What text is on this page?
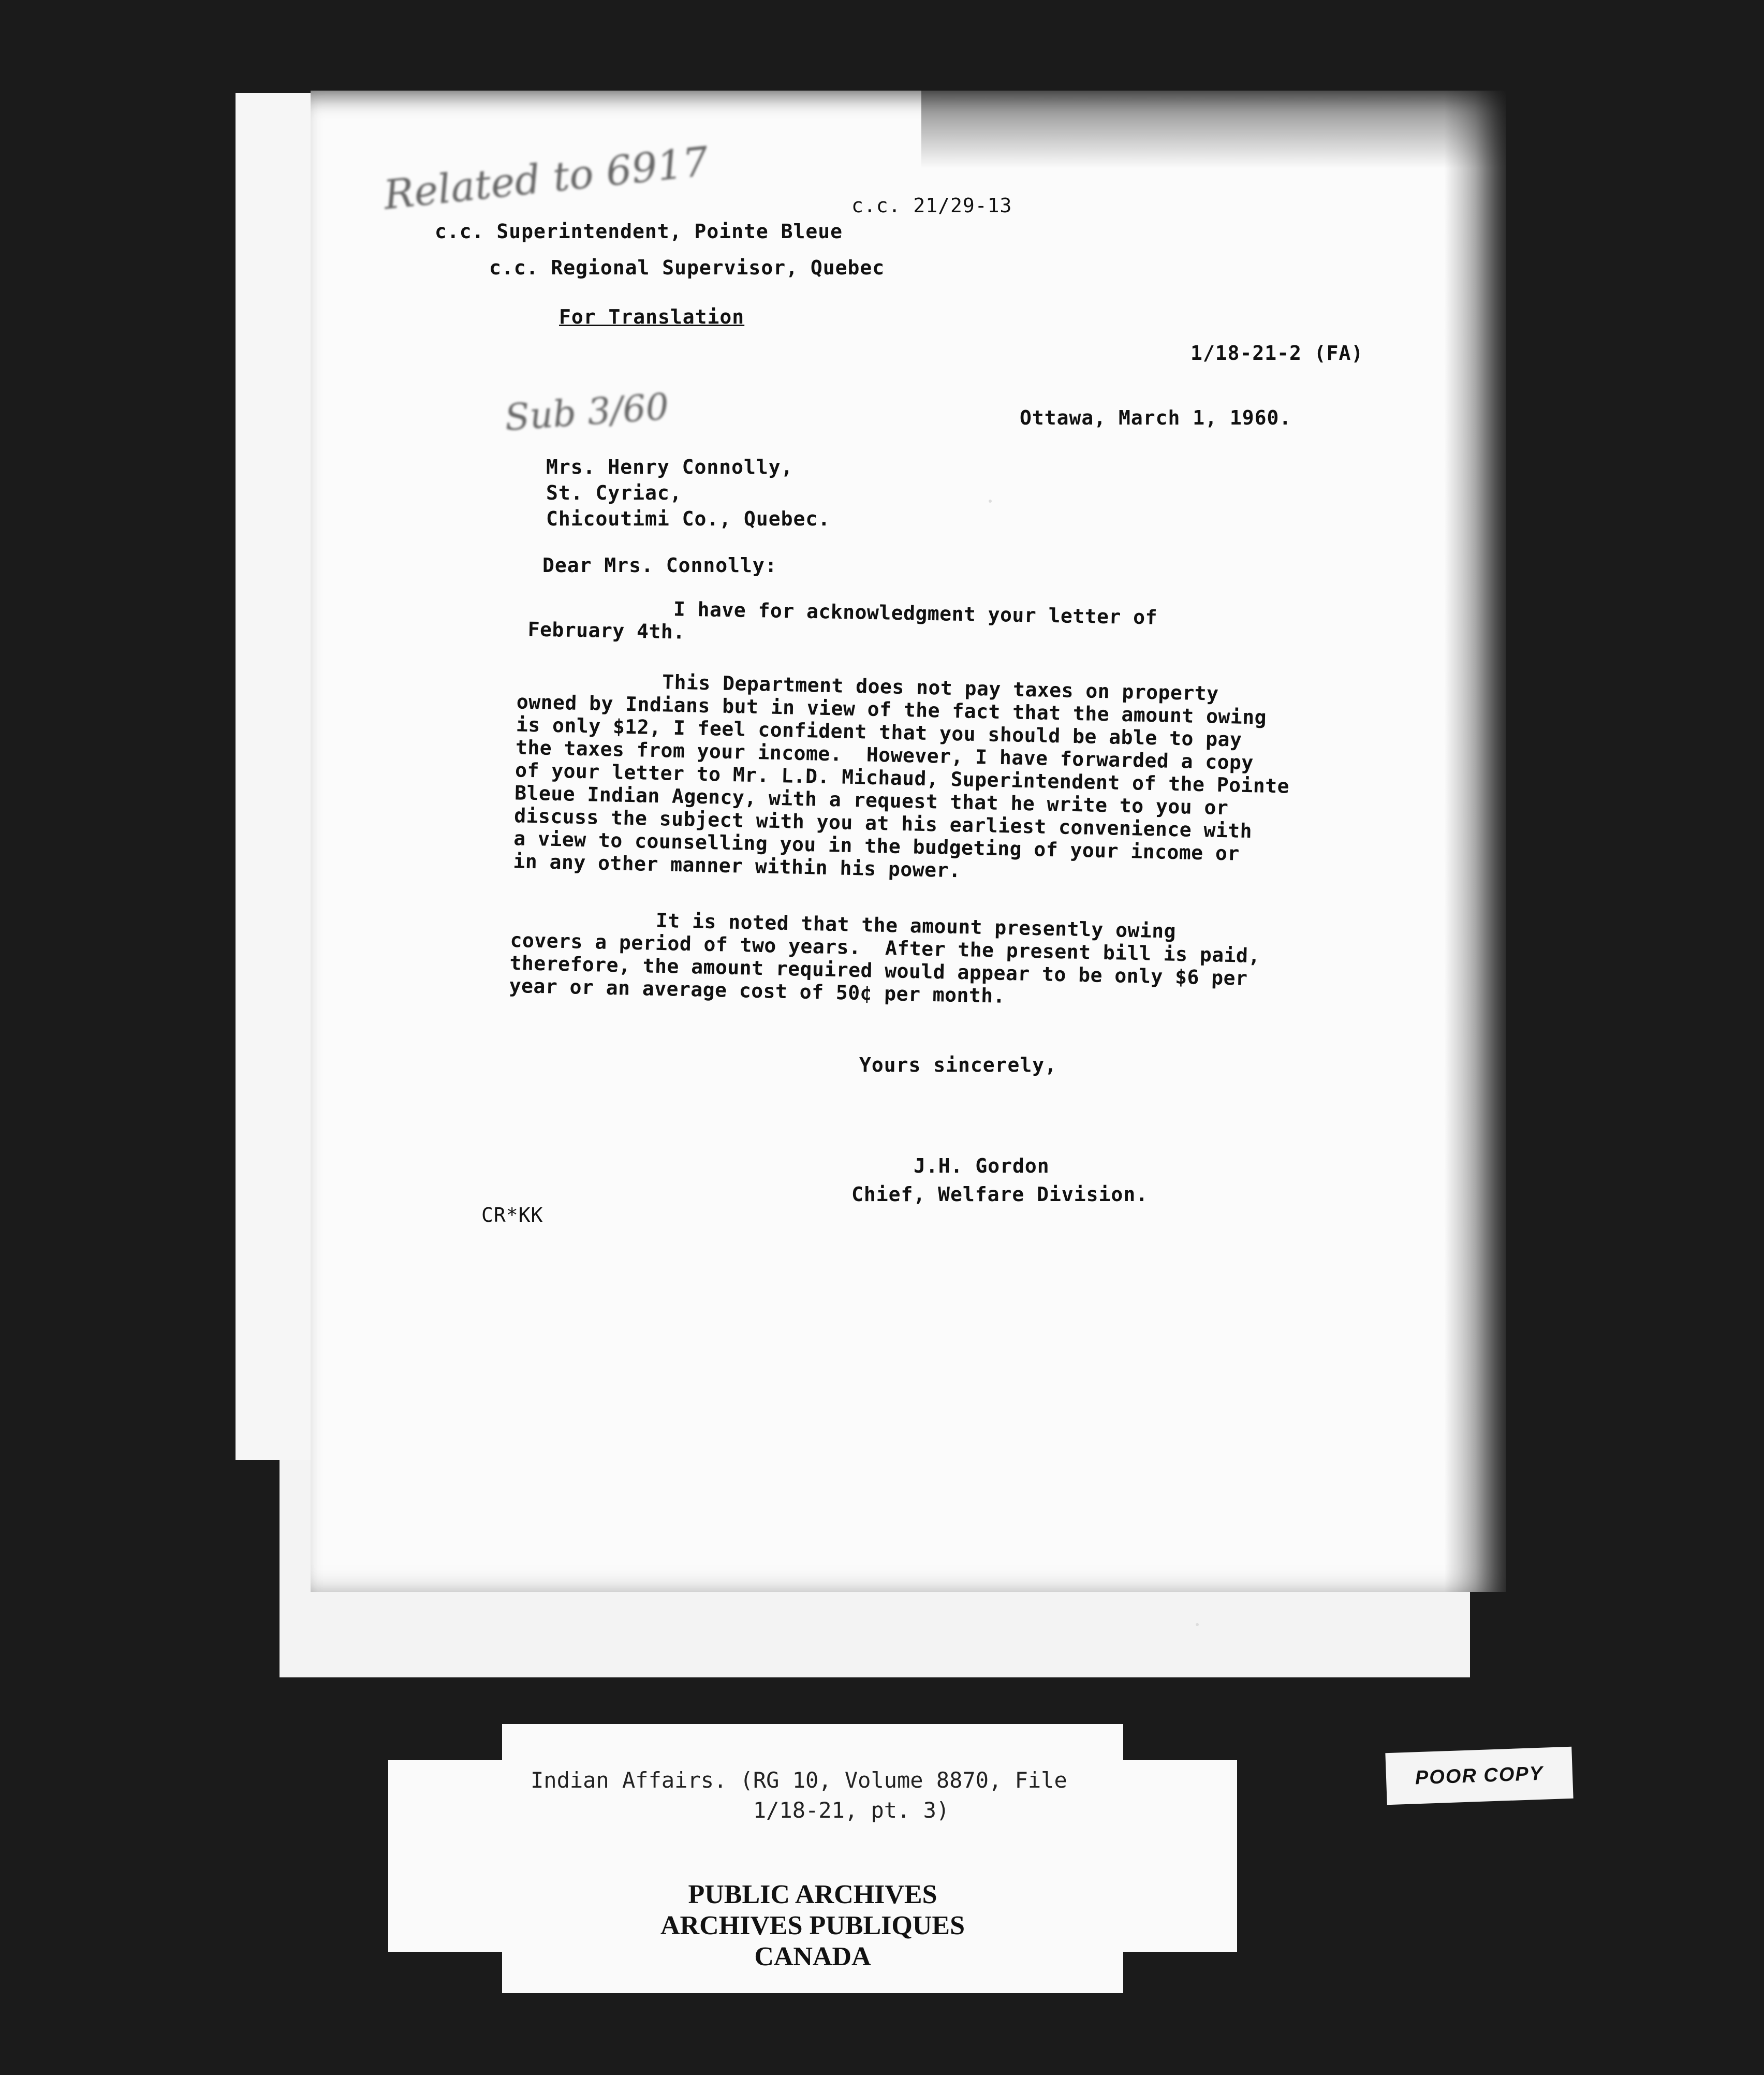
Related to 6917	c.c. 21/29-13
c.c. Superintendent, Pointe Bleue
c.c. Regional Supervisor, Quebec
For Translation
1/18-21-2 (FA)
Sub 3/60	Ottawa, March 1, 1960.
Mrs. Henry Connolly,
St. Cyriac,
Chicoutimi Co., Quebec.
Dear Mrs. Connolly:
I have for acknowledgment your letter of
February 4th.
This Department does not pay taxes on property
owned by Indians but in view of the fact that the amount owing
is only $12, I feel confident that you should be able to pay
the taxes from your income.  However, I have forwarded a copy
of your letter to Mr. L.D. Michaud, Superintendent of the Pointe
Bleue Indian Agency, with a request that he write to you or
discuss the subject with you at his earliest convenience with
a view to counselling you in the budgeting of your income or
in any other manner within his power.
It is noted that the amount presently owing
covers a period of two years.  After the present bill is paid,
therefore, the amount required would appear to be only $6 per
year or an average cost of 50¢ per month.
Yours sincerely,
J.H. Gordon
Chief, Welfare Division.
CR*KK
Indian Affairs. (RG 10, Volume 8870, File
1/18-21, pt. 3)
PUBLIC ARCHIVES
ARCHIVES PUBLIQUES
CANADA
POOR COPY
